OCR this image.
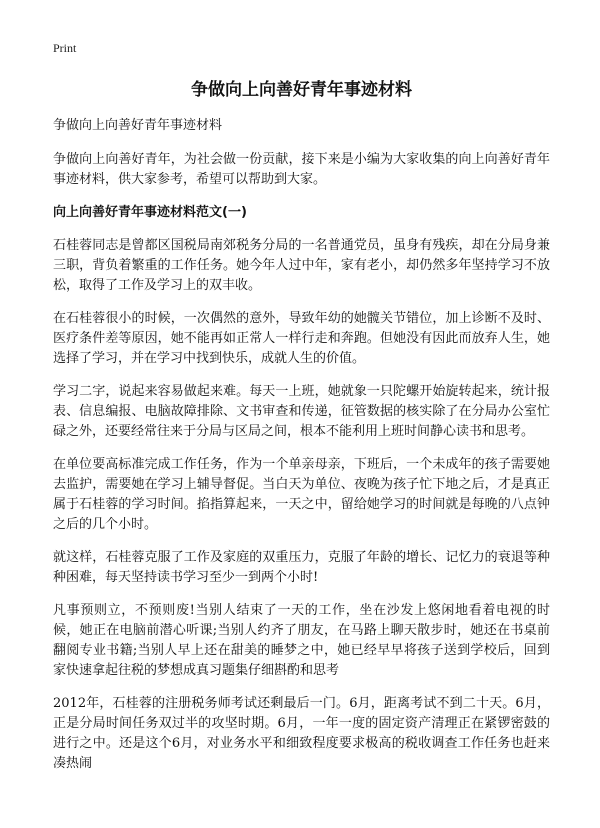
Print
争做向上向善好青年事迹材料

争做向上向善好青年事迹材料

争做向上向善好青年，为社会做一份贡献，接下来是小编为大家收集的向上向善好青年事迹材料，供大家参考，希望可以帮助到大家。

向上向善好青年事迹材料范文(一)

石桂蓉同志是曾都区国税局南郊税务分局的一名普通党员，虽身有残疾，却在分局身兼三职，背负着繁重的工作任务。她今年人过中年，家有老小，却仍然多年坚持学习不放松，取得了工作及学习上的双丰收。

在石桂蓉很小的时候，一次偶然的意外，导致年幼的她髋关节错位，加上诊断不及时、医疗条件差等原因，她不能再如正常人一样行走和奔跑。但她没有因此而放弃人生，她选择了学习，并在学习中找到快乐，成就人生的价值。

学习二字，说起来容易做起来难。每天一上班，她就象一只陀螺开始旋转起来，统计报表、信息编报、电脑故障排除、文书审查和传递，征管数据的核实除了在分局办公室忙碌之外，还要经常往来于分局与区局之间，根本不能利用上班时间静心读书和思考。

在单位要高标准完成工作任务，作为一个单亲母亲，下班后，一个未成年的孩子需要她去监护，需要她在学习上辅导督促。当白天为单位、夜晚为孩子忙下地之后，才是真正属于石桂蓉的学习时间。掐指算起来，一天之中，留给她学习的时间就是每晚的八点钟之后的几个小时。

就这样，石桂蓉克服了工作及家庭的双重压力，克服了年龄的增长、记忆力的衰退等种种困难，每天坚持读书学习至少一到两个小时!

凡事预则立，不预则废!当别人结束了一天的工作，坐在沙发上悠闲地看着电视的时候，她正在电脑前潜心听课;当别人约齐了朋友，在马路上聊天散步时，她还在书桌前翻阅专业书籍;当别人早上还在甜美的睡梦之中，她已经早早将孩子送到学校后，回到家快速拿起往税的梦想成真习题集仔细斟酌和思考

2012年，石桂蓉的注册税务师考试还剩最后一门。6月，距离考试不到二十天。6月，正是分局时间任务双过半的攻坚时期。6月，一年一度的固定资产清理正在紧锣密鼓的进行之中。还是这个6月，对业务水平和细致程度要求极高的税收调查工作任务也赶来凑热闹
